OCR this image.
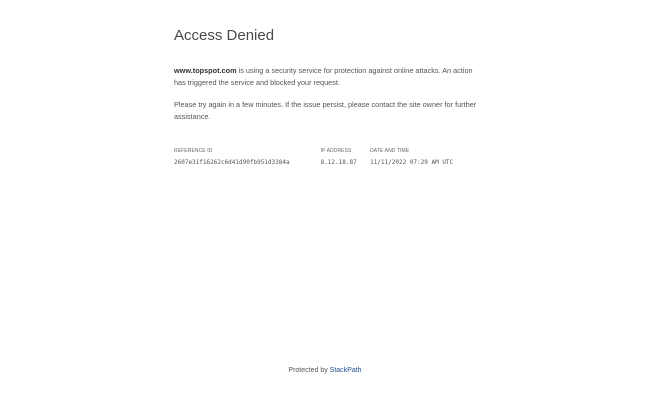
Access Denied

www.topspot.com is using a security service for protection against online attacks. An action has triggered the service and blocked your request.

Please try again in a few minutes. If the issue persist, please contact the site owner for further assistance.

REFERENCE ID
2607e31f16262c6d41d90fb951d3384a
IP ADDRESS
8.12.18.87
DATE AND TIME
11/11/2022 07:29 AM UTC
Protected by StackPath
